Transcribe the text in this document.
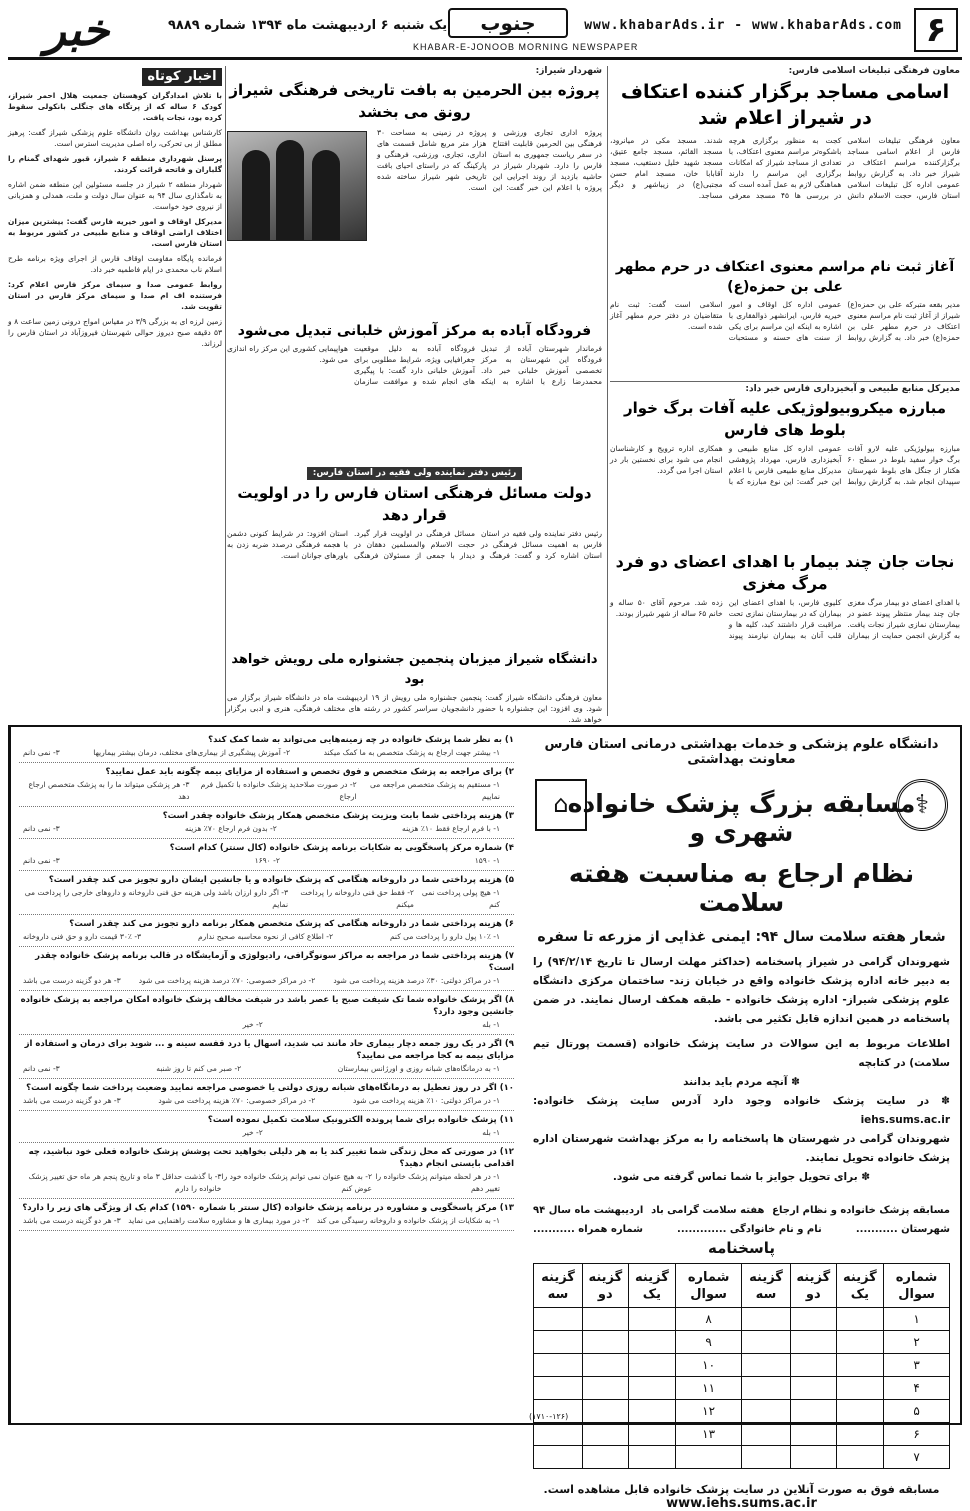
۶
www.khabarAds.ir - www.khabarAds.com
جنوب
KHABAR-E-JONOOB MORNING NEWSPAPER
یک شنبه ۶ اردیبهشت ماه ۱۳۹۴ شماره ۹۸۸۹
خبر
معاون فرهنگی تبلیغات اسلامی فارس:
اسامی مساجد برگزار کننده اعتکاف در شیراز اعلام شد

معاون فرهنگی تبلیغات اسلامی فارس از اعلام اسامی مساجد برگزارکننده مراسم اعتکاف در شیراز خبر داد. به گزارش روابط عمومی اداره کل تبلیغات اسلامی استان فارس، حجت الاسلام دانش کجت به منظور برگزاری هرچه باشکوه‌تر مراسم معنوی اعتکاف، با تعدادی از مساجد شیراز که امکانات برگزاری این مراسم را دارند هماهنگی لازم به عمل آمده است که در بررسی ها ۴۵ مسجد معرفی شدند. مسجد مکی در میانرود، مسجد القائم، مسجد جامع عتیق، مسجد شهید خلیل دستغیب، مسجد آقابابا خان، مسجد امام حسن مجتبی(ع) در زیباشهر و دیگر مساجد.

آغاز ثبت نام مراسم معنوی اعتکاف در حرم مطهر علی بن حمزه(ع)

مدیر بقعه متبرکه علی بن حمزه(ع) شیراز از آغاز ثبت نام مراسم معنوی اعتکاف در حرم مطهر علی بن حمزه(ع) خبر داد. به گزارش روابط عمومی اداره کل اوقاف و امور خیریه فارس، ایرانشهر ذوالفقاری با اشاره به اینکه این مراسم برای یکی از سنت های حسنه و مستحبات اسلامی است گفت: ثبت نام متقاضیان در دفتر حرم مطهر آغاز شده است.

مدیرکل منابع طبیعی و آبخیزداری فارس خبر داد:
مبارزه میکروبیولوژیکی علیه آفات برگ خوار بلوط های فارس

مبارزه بیولوژیکی علیه لارو آفات برگ خوار سفید بلوط در سطح ۶۰ هکتار از جنگل های بلوط شهرستان سپیدان انجام شد. به گزارش روابط عمومی اداره کل منابع طبیعی و آبخیزداری فارس، مهرداد پژوهشی مدیرکل منابع طبیعی فارس با اعلام این خبر گفت: این نوع مبارزه که با همکاری اداره ترویج و کارشناسان انجام می شود برای نخستین بار در استان اجرا می گردد.

نجات جان چند بیمار با اهدای اعضای دو فرد مرگ مغزی

با اهدای اعضای دو بیمار مرگ مغزی جان چند بیمار منتظر پیوند عضو در بیمارستان نمازی شیراز نجات یافت. به گزارش انجمن حمایت از بیماران کلیوی فارس، با اهدای اعضای این بیماران که در بیمارستان نمازی تحت مراقبت قرار داشتند کبد، کلیه ها و قلب آنان به بیماران نیازمند پیوند زده شد. مرحوم آقای ۵۰ ساله و خانم ۶۵ ساله از شهر شیراز بودند.

شهردار شیراز:
پروژه بین الحرمین به بافت تاریخی فرهنگی شیراز رونق می بخشد

پروژه اداری تجاری ورزشی و فرهنگی بین الحرمین قابلیت افتتاح در سفر ریاست جمهوری به استان فارس را دارد. شهردار شیراز در حاشیه بازدید از روند اجرایی این پروژه با اعلام این خبر گفت: این پروژه در زمینی به مساحت ۳۰ هزار متر مربع شامل قسمت های اداری، تجاری، ورزشی، فرهنگی و پارکینگ که در راستای احیای بافت تاریخی شهر شیراز ساخته شده است.

فرودگاه آباده به مرکز آموزش خلبانی تبدیل می‌شود

فرماندار شهرستان آباده از تبدیل فرودگاه این شهرستان به مرکز تخصصی آموزش خلبانی خبر داد. محمدرضا زارع با اشاره به اینکه فرودگاه آباده به دلیل موقعیت جغرافیایی ویژه، شرایط مطلوبی برای آموزش خلبانی دارد گفت: با پیگیری های انجام شده و موافقت سازمان هواپیمایی کشوری این مرکز راه اندازی می شود.

رئیس دفتر نماینده ولی فقیه در استان فارس:
دولت مسائل فرهنگی استان فارس را در اولویت قرار دهد

رئیس دفتر نماینده ولی فقیه در استان فارس به اهمیت مسائل فرهنگی در استان اشاره کرد و گفت: فرهنگ و مسائل فرهنگی در اولویت قرار گیرد. حجت الاسلام والمسلمین دهقان در دیدار با جمعی از مسئولان فرهنگی استان افزود: در شرایط کنونی دشمن با هجمه فرهنگی درصدد ضربه زدن به باورهای جوانان است.

دانشگاه شیراز میزبان پنجمین جشنواره ملی رویش خواهد بود

معاون فرهنگی دانشگاه شیراز گفت: پنجمین جشنواره ملی رویش از ۱۹ اردیبهشت ماه در دانشگاه شیراز برگزار می شود. وی افزود: این جشنواره با حضور دانشجویان سراسر کشور در رشته های مختلف فرهنگی، هنری و ادبی برگزار خواهد شد.

اخبار کوتاه

با تلاش امدادگران کوهستان جمعیت هلال احمر شیراز، کودک ۶ ساله که از پرتگاه های جنگلی بانکولی سقوط کرده بود، نجات یافت.

کارشناس بهداشت روان دانشگاه علوم پزشکی شیراز گفت: پرهیز مطلق از بی تحرکی، راه اصلی مدیریت استرس است.

پرسنل شهرداری منطقه ۶ شیراز، قبور شهدای گمنام را گلباران و فاتحه قرائت کردند.

شهردار منطقه ۲ شیراز در جلسه مسئولین این منطقه ضمن اشاره به نامگذاری سال ۹۴ به عنوان سال دولت و ملت، همدلی و همزبانی از نیروی خود خواست.

مدیرکل اوقاف و امور خیریه فارس گفت: بیشترین میزان اختلاف اراضی اوقاف و منابع طبیعی در کشور مربوط به استان فارس است.

فرمانده پایگاه مقاومت اوقاف فارس از اجرای ویژه برنامه طرح اسلام ناب محمدی در ایام فاطمیه خبر داد.

روابط عمومی صدا و سیمای مرکز فارس اعلام کرد: فرستنده اف ام صدا و سیمای مرکز فارس در استان تقویت شد.

زمین لرزه ای به بزرگی ۳/۹ در مقیاس امواج درونی زمین ساعت ۸ و ۵۳ دقیقه صبح دیروز حوالی شهرستان فیروزآباد در استان فارس را لرزاند.

⚕
⌂
دانشگاه علوم پزشکی و خدمات بهداشتی درمانی استان فارس معاونت بهداشتی
مسابقه بزرگ پزشک خانواده شهری و
نظام ارجاع به مناسبت هفته سلامت
شعار هفته سلامت سال ۹۴: ایمنی غذایی از مزرعه تا سفره
شهروندان گرامی در شیراز پاسخنامه (حداکثر مهلت ارسال تا تاریخ ۹۴/۲/۱۴) را به دبیر خانه اداره پزشک خانواده واقع در خیابان زند- ساختمان مرکزی دانشگاه علوم پزشکی شیراز- اداره پزشک خانواده - طبقه همکف ارسال نمایند. در ضمن پاسخنامه در همین اندازه قابل تکثیر می باشد.
اطلاعات مربوط به این سوالات در سایت پزشک خانواده (قسمت پورتال تیم سلامت) در کتابچه
✽ آنچه مردم باید بدانند
✽ در سایت پزشک خانواده وجود دارد آدرس سایت پزشک خانواده: iehs.sums.ac.ir
شهروندان گرامی در شهرستان ها پاسخنامه را به مرکز بهداشت شهرستان اداره پزشک خانواده تحویل نمایند.
✽ برای تحویل جوایز با شما تماس گرفته می شود.
مسابقه پزشک خانواده و نظام ارجاع
هفته سلامت گرامی باد
اردیبهشت ماه سال ۹۴
شهرستان ...........
نام و نام خانوادگی .............
شماره همراه ...........
پاسخنامه
شماره سوال	گزینه یک	گزینه دو	گزینه سه	شماره سوال	گزینه یک	گزینه دو	گزینه سه
۱				۸			
۲				۹			
۳				۱۰			
۴				۱۱			
۵				۱۲			
۶				۱۳			
۷							
مسابقه فوق به صورت آنلاین در سایت پزشک خانواده قابل مشاهده است.
www.iehs.sums.ac.ir
(۱۷۱۰-۱۲۶)
۱) به نظر شما پزشک خانواده در چه زمینه‌هایی می‌تواند به شما کمک کند؟
۱- بیشتر جهت ارجاع به پزشک متخصص به ما کمک میکند
۲- آموزش پیشگیری از بیماری‌های مختلف، درمان بیشتر بیماریها
۳- نمی دانم
۲) برای مراجعه به پزشک متخصص و فوق تخصص و استفاده از مزایای بیمه چگونه باید عمل نمایید؟
۱- مستقیم به پزشک متخصص مراجعه می نماییم
۲- در صورت صلاحدید پزشک خانواده با تکمیل فرم ارجاع
۳- هر پزشکی میتواند ما را به پزشک متخصص ارجاع دهد
۳) هزینه پرداختی شما بابت ویزیت پزشک متخصص همکار پزشک خانواده چقدر است؟
۱- با فرم ارجاع فقط ۱۰٪ هزینه
۲- بدون فرم ارجاع ۷۰٪ هزینه
۳- نمی دانم
۴) شماره مرکز پاسخگویی به شکایات برنامه پزشک خانواده (کال سنتر) کدام است؟
۱- ۱۵۹۰
۲- ۱۶۹۰
۳- نمی دانم
۵) هزینه پرداختی شما در داروخانه هنگامی که پزشک خانواده و یا جانشین ایشان دارو تجویز می کند چقدر است؟
۱- هیچ پولی پرداخت نمی کنم
۲- فقط حق فنی داروخانه را پرداخت میکنم
۳- اگر دارو ارزان باشد ولی هزینه حق فنی داروخانه و داروهای خارجی را پرداخت می نمایم
۶) هزینه پرداختی شما در داروخانه هنگامی که پزشک متخصص همکار برنامه دارو تجویز می کند چقدر است؟
۱- ۱۰٪ پول دارو را پرداخت می کنم
۲- اطلاع کافی از نحوه محاسبه صحیح ندارم
۳- ۳۰٪ قیمت دارو و حق فنی داروخانه
۷) هزینه پرداختی شما در مراجعه به مراکز سونوگرافی، رادیولوژی و آزمایشگاه در قالب برنامه پزشک خانواده چقدر است؟
۱- در مراکز دولتی: ۳۰٪ درصد هزینه پرداخت می شود
۲- در مراکز خصوصی: ۷۰٪ درصد هزینه پرداخت می شود
۳- هر دو گزینه درست می باشد
۸) اگر پزشک خانواده شما تک شیفت صبح یا عصر باشد در شیفت مخالف پزشک خانواده امکان مراجعه به پزشک خانواده جانشین وجود دارد؟
۱- بله
۲- خیر
۹) اگر در یک روز جمعه دچار بیماری حاد مانند تب شدید، اسهال یا درد قفسه سینه و ... شوید برای درمان و استفاده از مزایای بیمه به کجا مراجعه می نمایید؟
۱- به درمانگاه‌های شبانه روزی و اورژانس بیمارستان
۲- صبر می کنم تا روز شنبه
۳- نمی دانم
۱۰) اگر در روز تعطیل به درمانگاه‌های شبانه روزی دولتی یا خصوصی مراجعه نمایید وضعیت پرداخت شما چگونه است؟
۱- در مراکز دولتی: ۱۰٪ هزینه پرداخت می شود
۲- در مراکز خصوصی: ۷۰٪ هزینه پرداخت می شود
۳- هر دو گزینه درست می باشد
۱۱) پزشک خانواده برای شما پرونده الکترونیک سلامت تکمیل نموده است؟
۱- بله
۲- خیر
۱۲) در صورتی که محل زندگی شما تغییر کند یا به هر دلیلی بخواهید تحت پوشش پزشک خانواده فعلی خود نباشید، چه اقدامی بایستی انجام دهید؟
۱- در هر لحظه میتوانم پزشک خانواده را تغییر دهم
۲- به هیچ عنوان نمی توانم پزشک خانواده خود را عوض کنم
۳- با گذشت حداقل ۳ ماه و تاریخ پنجم هر ماه حق تغییر پزشک خانواده را دارم
۱۳) مرکز پاسخگویی و مشاوره در برنامه پزشک خانواده (کال سنتر با شماره ۱۵۹۰) کدام یک از ویژگی های زیر را دارد؟
۱- به شکایات از پزشک خانواده و داروخانه رسیدگی می کند
۲- در مورد بیماری ها و مشاوره سلامت راهنمایی می نماید
۳- هر دو گزینه درست می باشد
